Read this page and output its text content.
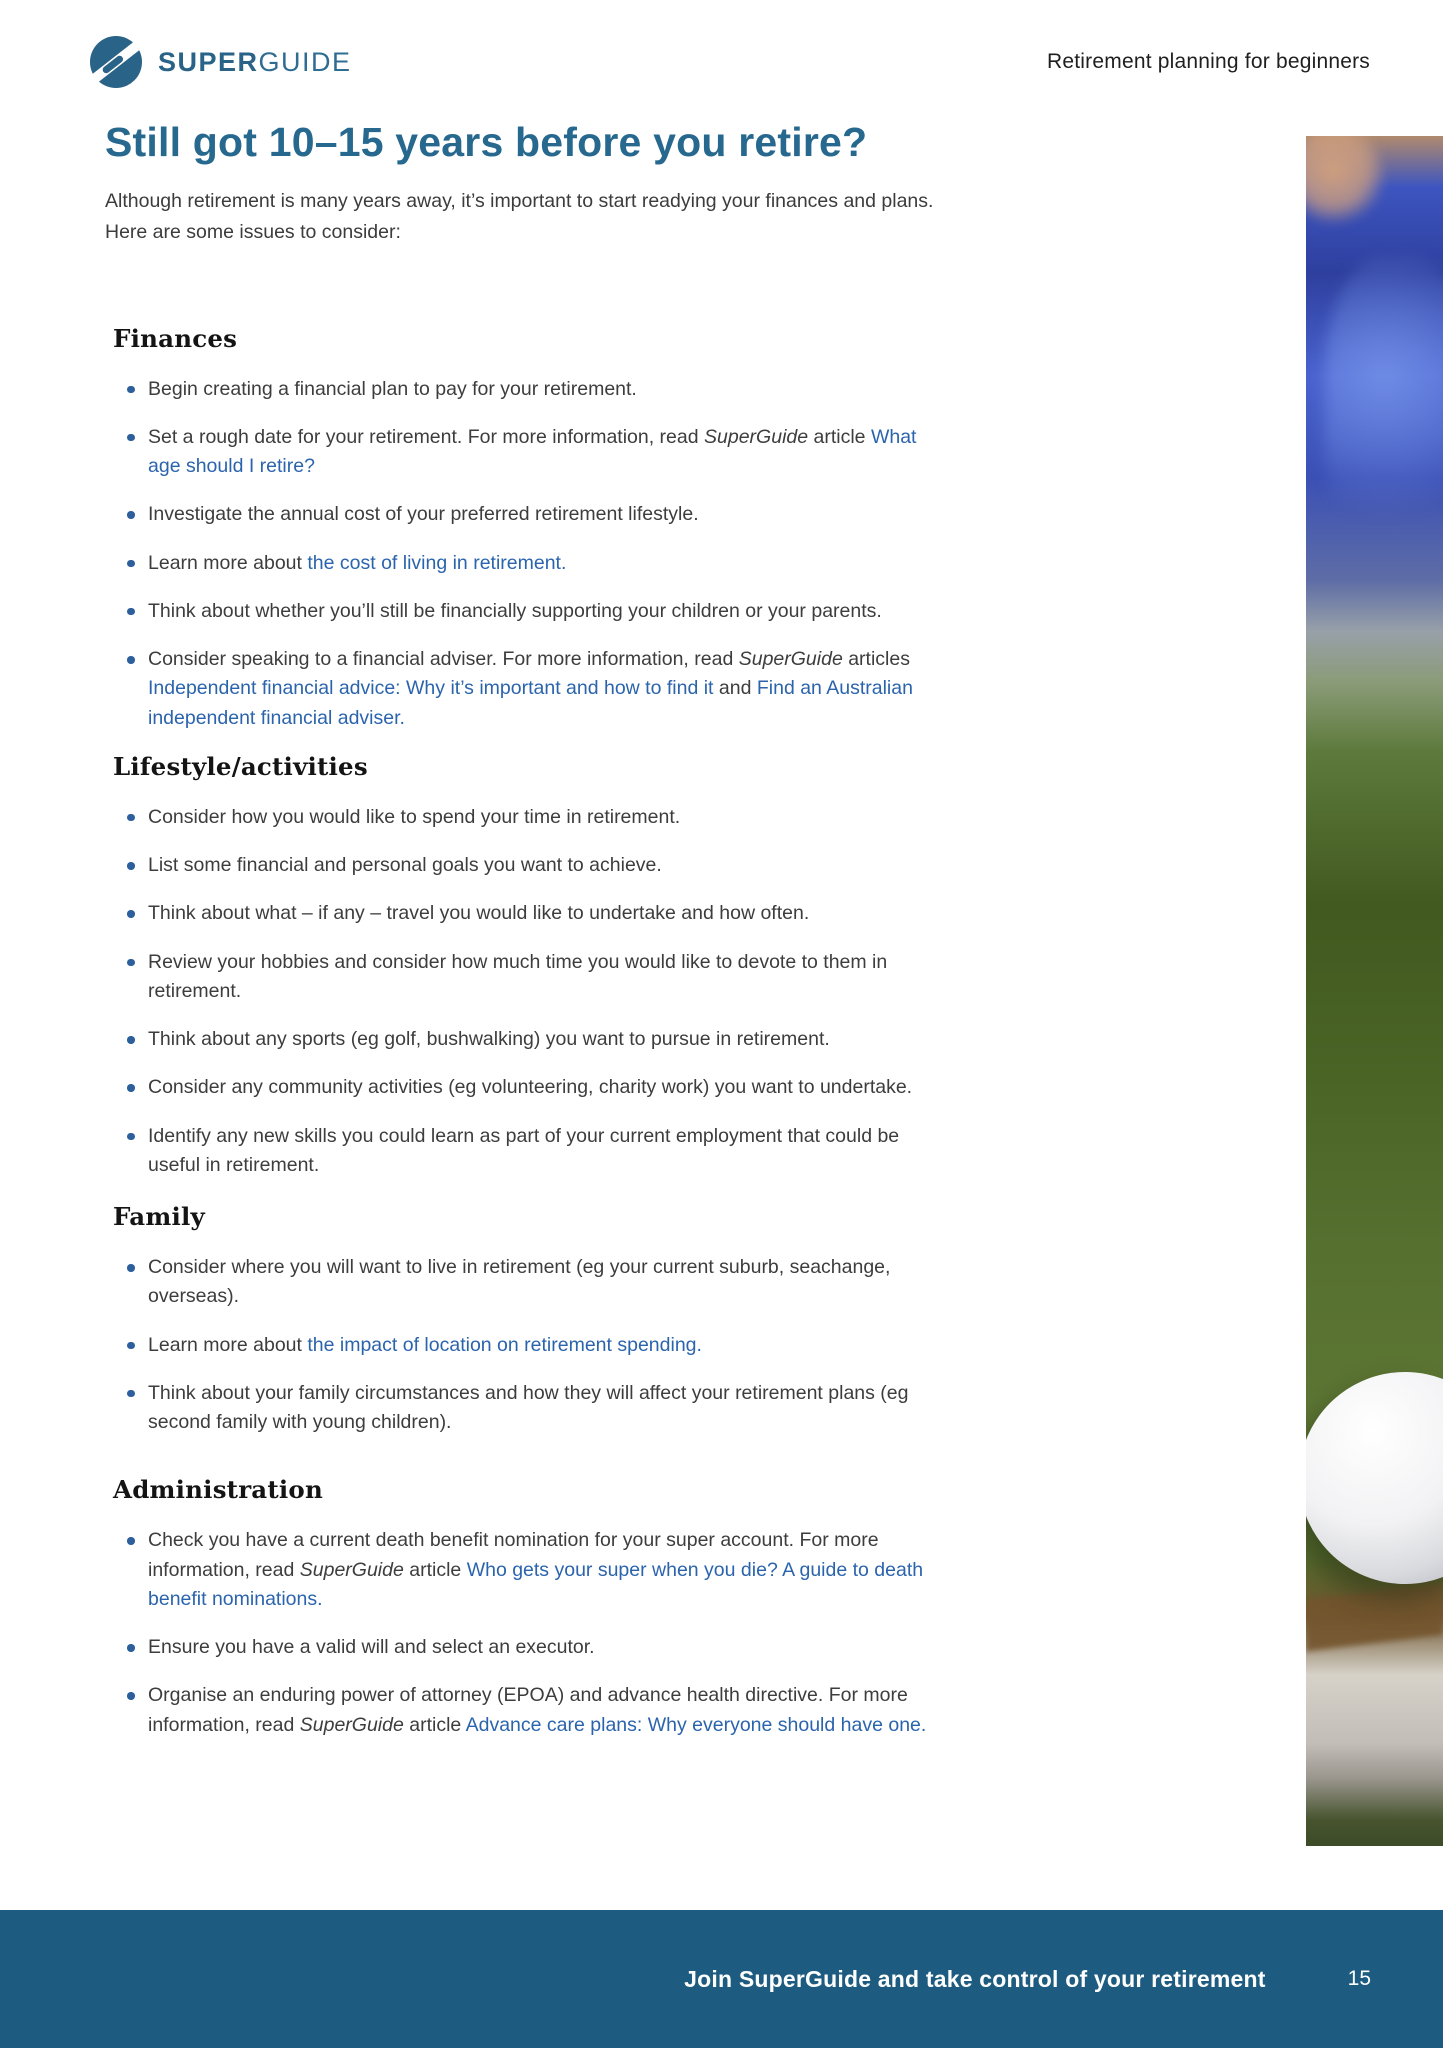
SUPERGUIDE	Retirement planning for beginners
Still got 10–15 years before you retire?

Although retirement is many years away, it’s important to start readying your finances and plans. Here are some issues to consider:

Finances
Begin creating a financial plan to pay for your retirement.
Set a rough date for your retirement. For more information, read SuperGuide article What age should I retire?
Investigate the annual cost of your preferred retirement lifestyle.
Learn more about the cost of living in retirement.
Think about whether you’ll still be financially supporting your children or your parents.
Consider speaking to a financial adviser. For more information, read SuperGuide articles Independent financial advice: Why it’s important and how to find it and Find an Australian independent financial adviser.
Lifestyle/activities
Consider how you would like to spend your time in retirement.
List some financial and personal goals you want to achieve.
Think about what – if any – travel you would like to undertake and how often.
Review your hobbies and consider how much time you would like to devote to them in retirement.
Think about any sports (eg golf, bushwalking) you want to pursue in retirement.
Consider any community activities (eg volunteering, charity work) you want to undertake.
Identify any new skills you could learn as part of your current employment that could be useful in retirement.
Family
Consider where you will want to live in retirement (eg your current suburb, seachange, overseas).
Learn more about the impact of location on retirement spending.
Think about your family circumstances and how they will affect your retirement plans (eg second family with young children).
Administration
Check you have a current death benefit nomination for your super account. For more information, read SuperGuide article Who gets your super when you die? A guide to death benefit nominations.
Ensure you have a valid will and select an executor.
Organise an enduring power of attorney (EPOA) and advance health directive. For more information, read SuperGuide article Advance care plans: Why everyone should have one.
Join SuperGuide and take control of your retirement	15
